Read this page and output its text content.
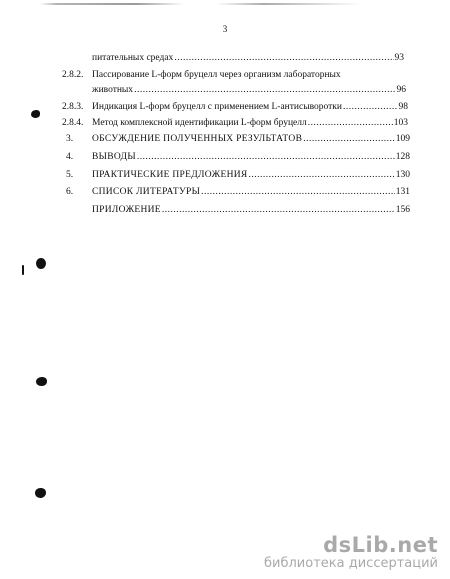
3
питательных средах .....	93
2.8.2. Пассирование L-форм бруцелл через организм лабораторных
животных .....	96
2.8.3. Индикация L-форм бруцелл с применением L-антисыворотки .....	98
2.8.4. Метод комплексной идентификации L-форм бруцелл .....	103
3. ОБСУЖДЕНИЕ ПОЛУЧЕННЫХ РЕЗУЛЬТАТОВ .....	109
4. ВЫВОДЫ .....	128
5. ПРАКТИЧЕСКИЕ ПРЕДЛОЖЕНИЯ .....	130
6. СПИСОК ЛИТЕРАТУРЫ .....	131
ПРИЛОЖЕНИЕ .....	156
dsLib.net
библиотека диссертаций
